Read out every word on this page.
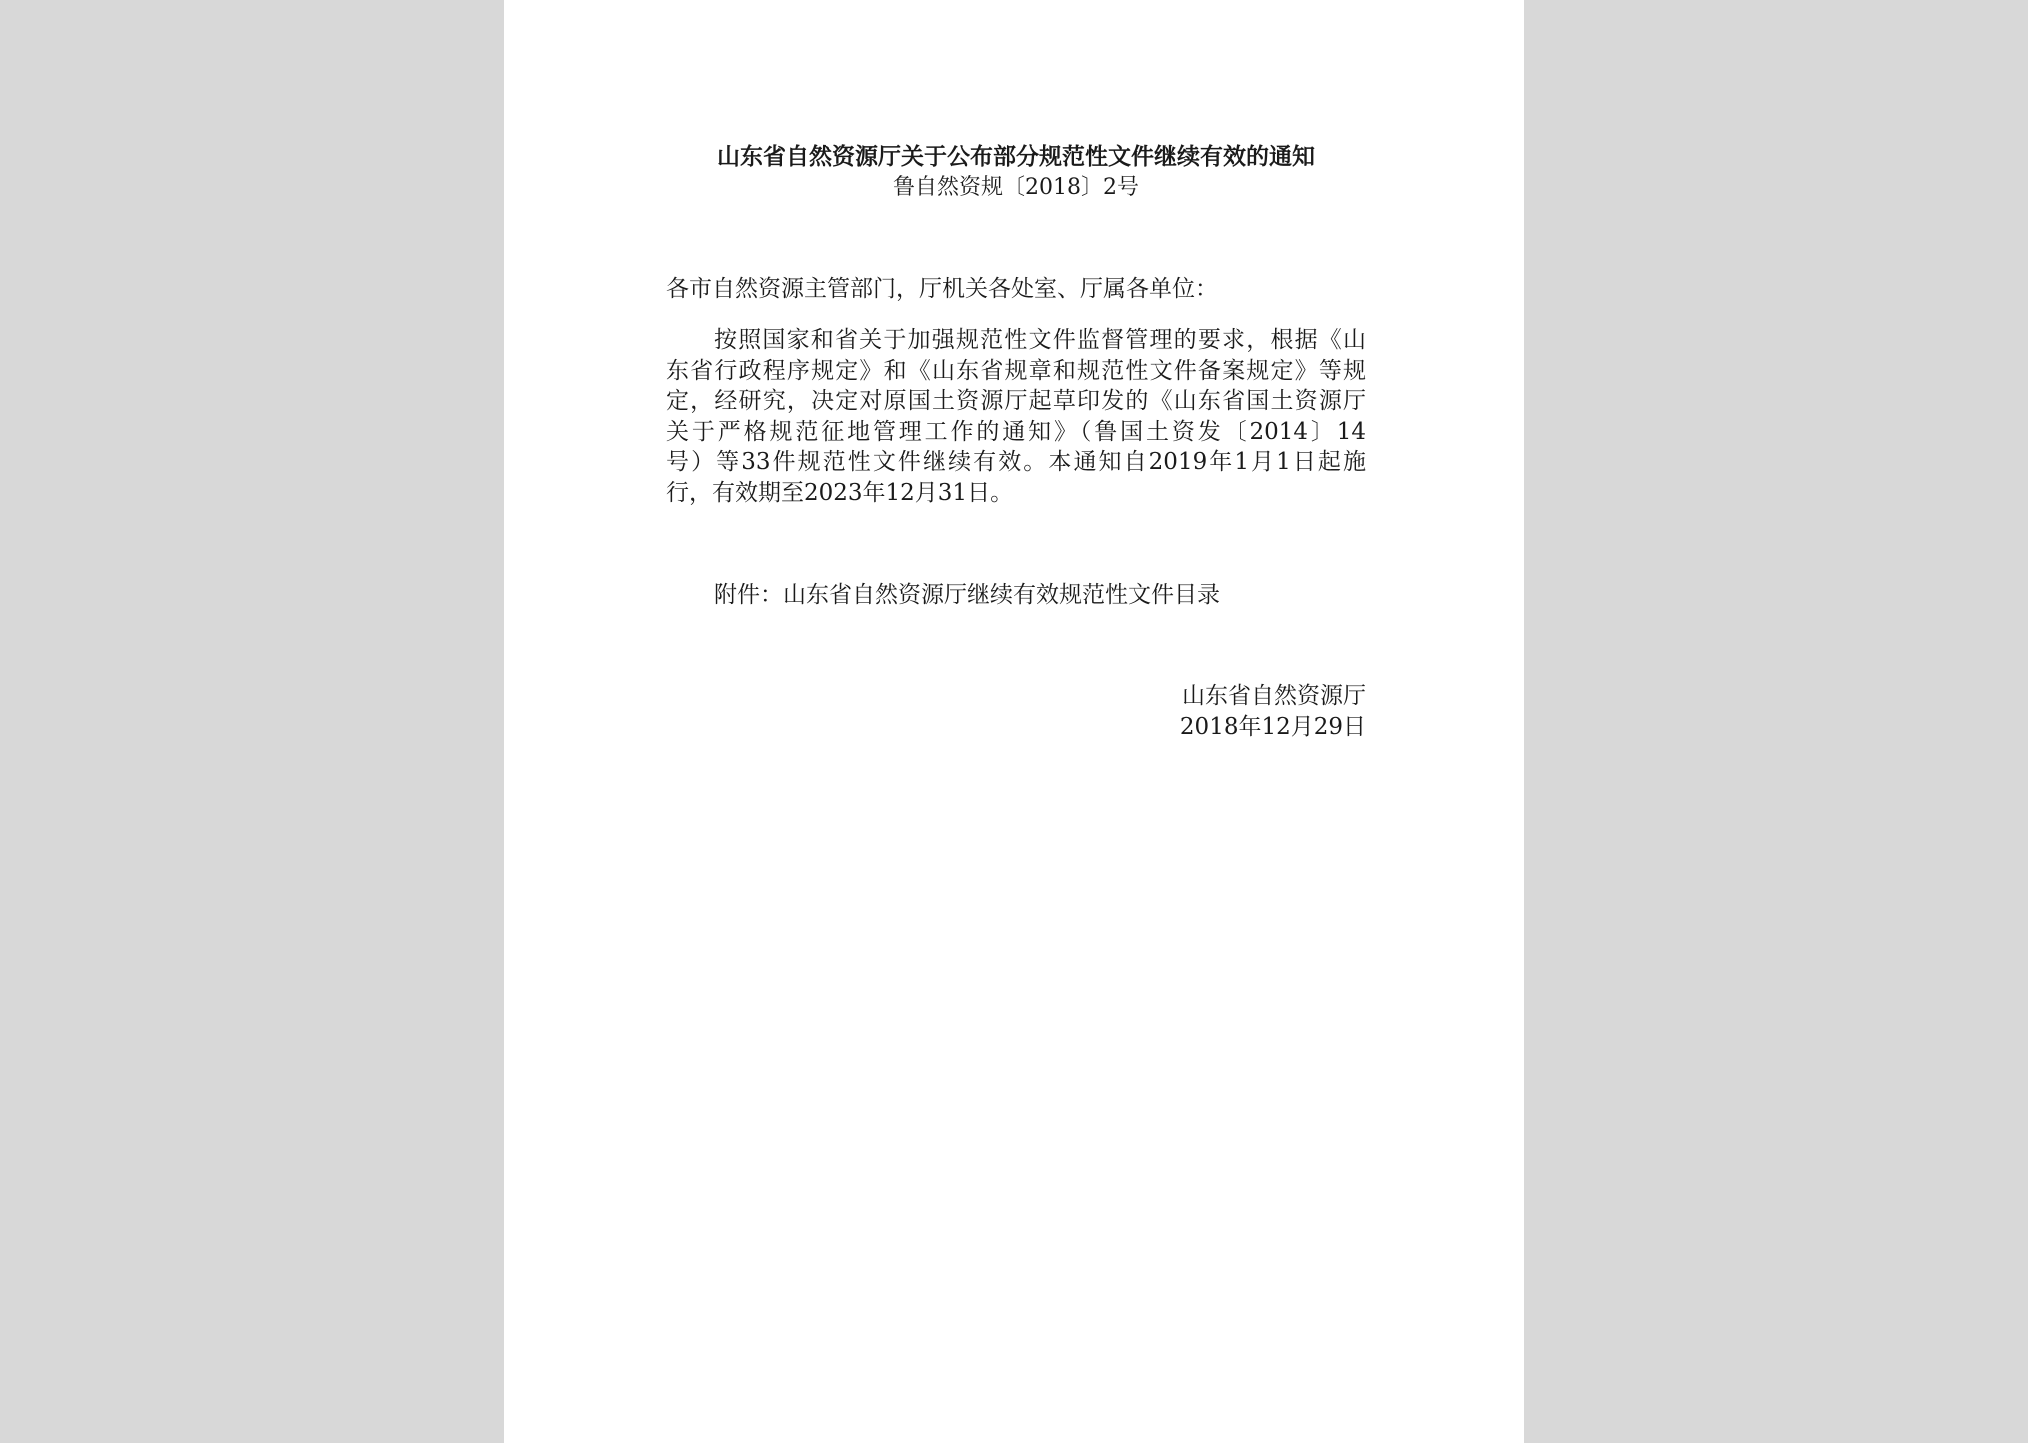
山东省自然资源厅关于公布部分规范性文件继续有效的通知
鲁自然资规〔2018〕2号
各市自然资源主管部门，厅机关各处室、厅属各单位：
按照国家和省关于加强规范性文件监督管理的要求，根据《山
东省行政程序规定》和《山东省规章和规范性文件备案规定》等规
定，经研究，决定对原国土资源厅起草印发的《山东省国土资源厅
关于严格规范征地管理工作的通知》（鲁国土资发〔2014〕14
号）等33件规范性文件继续有效。本通知自2019年1月1日起施
行，有效期至2023年12月31日。
附件：山东省自然资源厅继续有效规范性文件目录
山东省自然资源厅
2018年12月29日
